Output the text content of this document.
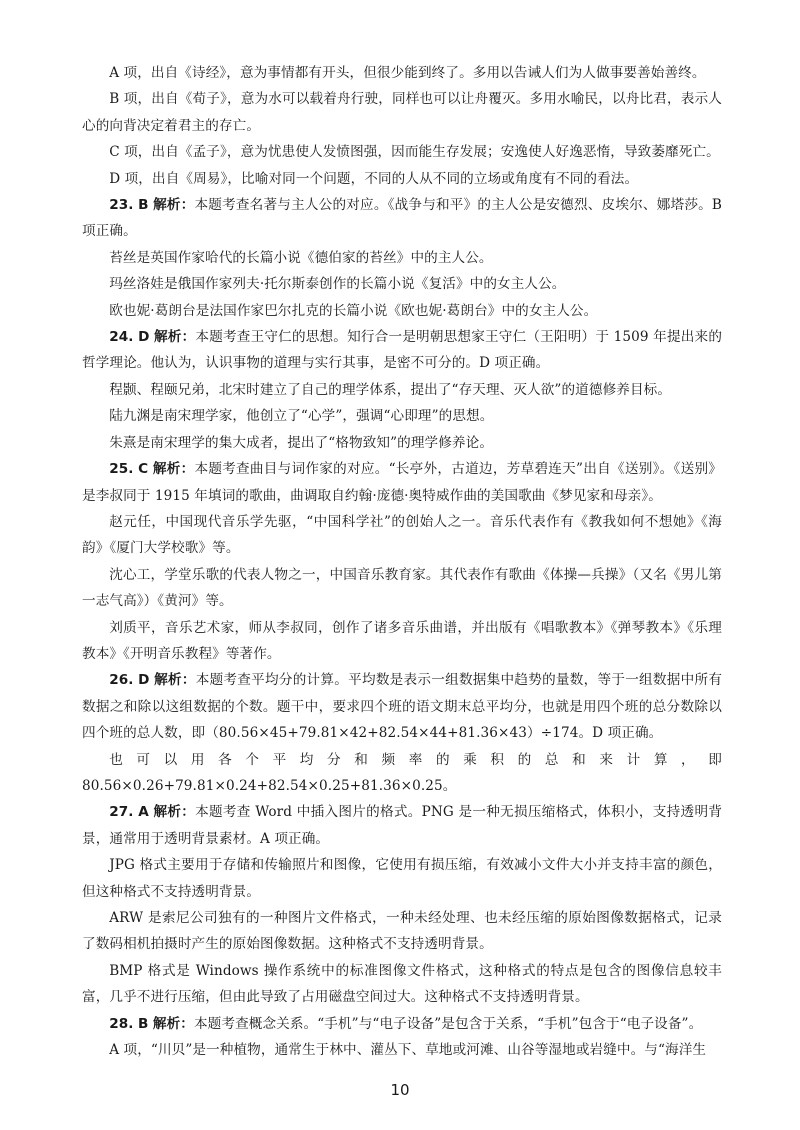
A 项，出自《诗经》，意为事情都有开头，但很少能到终了。多用以告诫人们为人做事要善始善终。

B 项，出自《荀子》，意为水可以载着舟行驶，同样也可以让舟覆灭。多用水喻民，以舟比君，表示人心的向背决定着君主的存亡。

C 项，出自《孟子》，意为忧患使人发愤图强，因而能生存发展；安逸使人好逸恶惰，导致萎靡死亡。

D 项，出自《周易》，比喻对同一个问题，不同的人从不同的立场或角度有不同的看法。

23. B 解析：本题考查名著与主人公的对应。《战争与和平》的主人公是安德烈、皮埃尔、娜塔莎。B 项正确。

苔丝是英国作家哈代的长篇小说《德伯家的苔丝》中的主人公。

玛丝洛娃是俄国作家列夫·托尔斯泰创作的长篇小说《复活》中的女主人公。

欧也妮·葛朗台是法国作家巴尔扎克的长篇小说《欧也妮·葛朗台》中的女主人公。

24. D 解析：本题考查王守仁的思想。知行合一是明朝思想家王守仁（王阳明）于 1509 年提出来的哲学理论。他认为，认识事物的道理与实行其事，是密不可分的。D 项正确。

程颢、程颐兄弟，北宋时建立了自己的理学体系，提出了“存天理、灭人欲”的道德修养目标。

陆九渊是南宋理学家，他创立了“心学”，强调“心即理”的思想。

朱熹是南宋理学的集大成者，提出了“格物致知”的理学修养论。

25. C 解析：本题考查曲目与词作家的对应。“长亭外，古道边，芳草碧连天”出自《送别》。《送别》是李叔同于 1915 年填词的歌曲，曲调取自约翰·庞德·奥特威作曲的美国歌曲《梦见家和母亲》。

赵元任，中国现代音乐学先驱，“中国科学社”的创始人之一。音乐代表作有《教我如何不想她》《海韵》《厦门大学校歌》等。

沈心工，学堂乐歌的代表人物之一，中国音乐教育家。其代表作有歌曲《体操—兵操》（又名《男儿第一志气高》）《黄河》等。

刘质平，音乐艺术家，师从李叔同，创作了诸多音乐曲谱，并出版有《唱歌教本》《弹琴教本》《乐理教本》《开明音乐教程》等著作。

26. D 解析：本题考查平均分的计算。平均数是表示一组数据集中趋势的量数，等于一组数据中所有数据之和除以这组数据的个数。题干中，要求四个班的语文期末总平均分，也就是用四个班的总分数除以四个班的总人数，即（80.56×45+79.81×42+82.54×44+81.36×43）÷174。D 项正确。

也可以用各个平均分和频率的乘积的总和来计算，即 80.56×0.26+79.81×0.24+82.54×0.25+81.36×0.25。

27. A 解析：本题考查 Word 中插入图片的格式。PNG 是一种无损压缩格式，体积小，支持透明背景，通常用于透明背景素材。A 项正确。

JPG 格式主要用于存储和传输照片和图像，它使用有损压缩，有效减小文件大小并支持丰富的颜色，但这种格式不支持透明背景。

ARW 是索尼公司独有的一种图片文件格式，一种未经处理、也未经压缩的原始图像数据格式，记录了数码相机拍摄时产生的原始图像数据。这种格式不支持透明背景。

BMP 格式是 Windows 操作系统中的标准图像文件格式，这种格式的特点是包含的图像信息较丰富，几乎不进行压缩，但由此导致了占用磁盘空间过大。这种格式不支持透明背景。

28. B 解析：本题考查概念关系。“手机”与“电子设备”是包含于关系，“手机”包含于“电子设备”。

A 项，“川贝”是一种植物，通常生于林中、灌丛下、草地或河滩、山谷等湿地或岩缝中。与“海洋生

10
